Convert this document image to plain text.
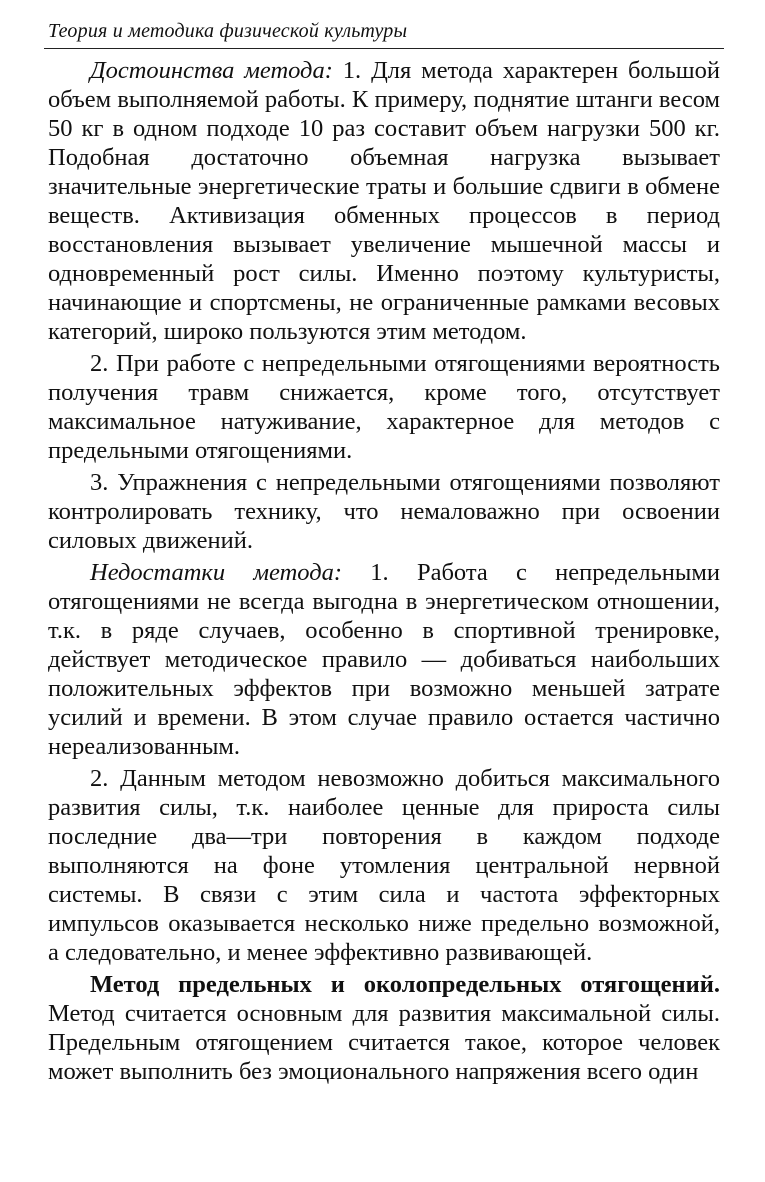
Теория и методика физической культуры

Достоинства метода: 1. Для метода характерен большой объем выполняемой работы. К примеру, поднятие штанги весом 50 кг в одном подходе 10 раз составит объем нагрузки 500 кг. Подобная достаточно объемная нагрузка вызывает значительные энергетические траты и большие сдвиги в обмене веществ. Активизация обменных процессов в период восстановления вызывает увеличение мышечной массы и одновременный рост силы. Именно поэтому культуристы, начинающие и спортсмены, не ограниченные рамками весовых категорий, широко пользуются этим методом.

2. При работе с непредельными отягощениями вероятность получения травм снижается, кроме того, отсутствует максимальное натуживание, характерное для методов с предельными отягощениями.

3. Упражнения с непредельными отягощениями позволяют контролировать технику, что немаловажно при освоении силовых движений.

Недостатки метода: 1. Работа с непредельными отягощениями не всегда выгодна в энергетическом отношении, т.к. в ряде случаев, особенно в спортивной тренировке, действует методическое правило — добиваться наибольших положительных эффектов при возможно меньшей затрате усилий и времени. В этом случае правило остается частично нереализованным.

2. Данным методом невозможно добиться максимального развития силы, т.к. наиболее ценные для прироста силы последние два—три повторения в каждом подходе выполняются на фоне утомления центральной нервной системы. В связи с этим сила и частота эффекторных импульсов оказывается несколько ниже предельно возможной, а следовательно, и менее эффективно развивающей.

Метод предельных и околопредельных отягощений. Метод считается основным для развития максимальной силы. Предельным отягощением считается такое, которое человек может выполнить без эмоционального напряжения всего один
